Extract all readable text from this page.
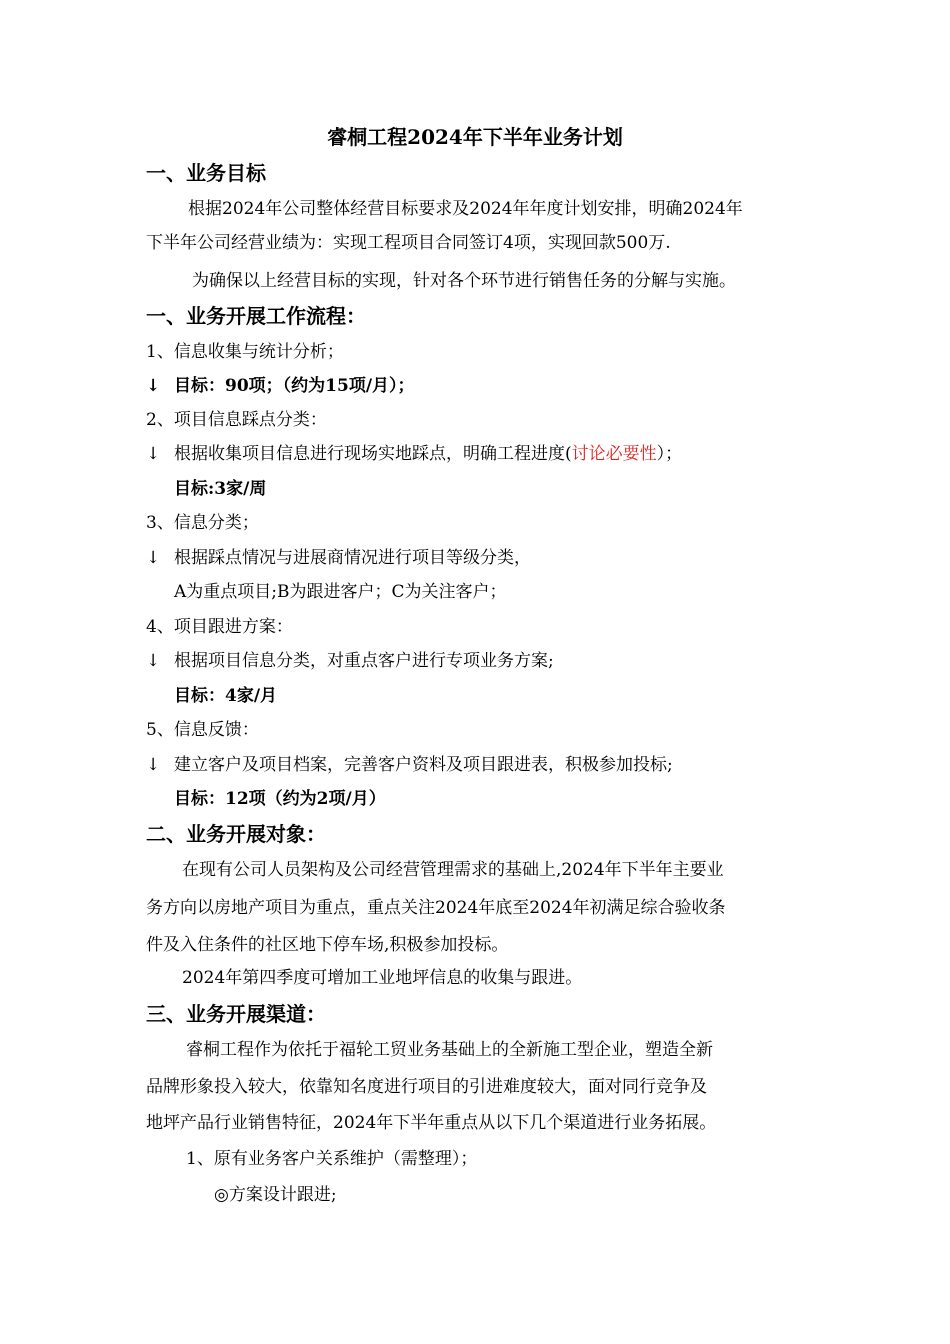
睿桐工程2024年下半年业务计划
一、业务目标
根据2024年公司整体经营目标要求及2024年年度计划安排，明确2024年
下半年公司经营业绩为：实现工程项目合同签订4项，实现回款500万.
为确保以上经营目标的实现，针对各个环节进行销售任务的分解与实施。
一、业务开展工作流程：
1、信息收集与统计分析；
↓ 目标：90项；（约为15项/月）；
2、项目信息踩点分类：
↓ 根据收集项目信息进行现场实地踩点，明确工程进度(讨论必要性）；
目标:3家/周
3、信息分类；
↓ 根据踩点情况与进展商情况进行项目等级分类，
A为重点项目;B为跟进客户；C为关注客户；
4、项目跟进方案：
↓ 根据项目信息分类，对重点客户进行专项业务方案;
目标：4家/月
5、信息反馈：
↓ 建立客户及项目档案，完善客户资料及项目跟进表，积极参加投标;
目标：12项（约为2项/月）
二、业务开展对象：
在现有公司人员架构及公司经营管理需求的基础上,2024年下半年主要业
务方向以房地产项目为重点，重点关注2024年底至2024年初满足综合验收条
件及入住条件的社区地下停车场,积极参加投标。
2024年第四季度可增加工业地坪信息的收集与跟进。
三、业务开展渠道：
睿桐工程作为依托于福轮工贸业务基础上的全新施工型企业，塑造全新
品牌形象投入较大，依靠知名度进行项目的引进难度较大，面对同行竞争及
地坪产品行业销售特征，2024年下半年重点从以下几个渠道进行业务拓展。
1、原有业务客户关系维护（需整理）；
◎方案设计跟进;
